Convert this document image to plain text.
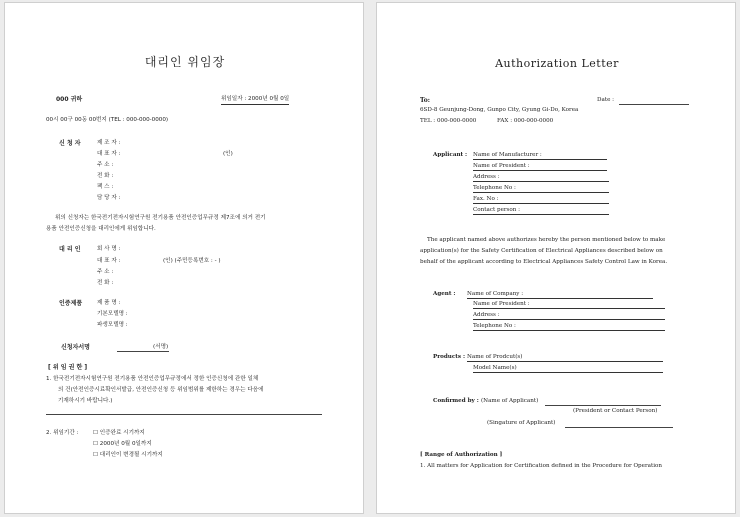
대리인 위임장
000 귀하	위임일자 : 2000년 0월 0일
00시 00구 00동 00번지 (TEL : 000-000-0000)
신 청 자	제 조 자 :
대 표 자 :	(인)
주 소 :
전 화 :
팩 스 :
담 당 자 :
위의 신청자는 한국전기전자시험연구원 전기용품 안전인증업무규정 제7조에 의거 전기
용품 안전인증신청을 대리인에게 위임합니다.
대 리 인	회 사 명 :
대 표 자 :	(인) (주민등록번호 : - )
주 소 :
전 화 :
인증제품	제 품 명 :
기본모델명 :
파생모델명 :
신청자서명	(서명)
[ 위 임 권 한 ]
1. 한국전기전자시험연구원 전기용품 안전인증업무규정에서 정한 인증신청에 관한 일체
의 건(안전인증시료확인서발급, 안전인증신청 등 위임범위를 제한하는 경우는 다음에
기재하시기 바랍니다.)
2. 위임기간 :	☐ 인증완료 시기까지
☐ 2000년 0월 0일까지
☐ 대리인이 변경될 시기까지
Authorization Letter
To:	Date :
6SD-8 Geunjung-Dong, Gunpo City, Gyung Gi-Do, Korea
TEL : 000-000-0000	FAX : 000-000-0000
Applicant : Name of Manufacturer :
Name of President :
Address :
Telephone No :
Fax. No :
Contact person :
The applicant named above authorizes hereby the person mentioned below to make
application(s) for the Safety Certification of Electrical Appliances described below on
behalf of the applicant according to Electrical Appliances Safety Control Law in Korea.
Agent : Name of Company :
Name of President :
Address :
Telephone No :
Products : Name of Prodcut(s)
Model Name(s)
Confirmed by : (Name of Applicant)
(President or Contact Person)
(Singature of Applicant)
[ Range of Authorization ]
1. All matters for Application for Certification defined in the Procedure for Operation
